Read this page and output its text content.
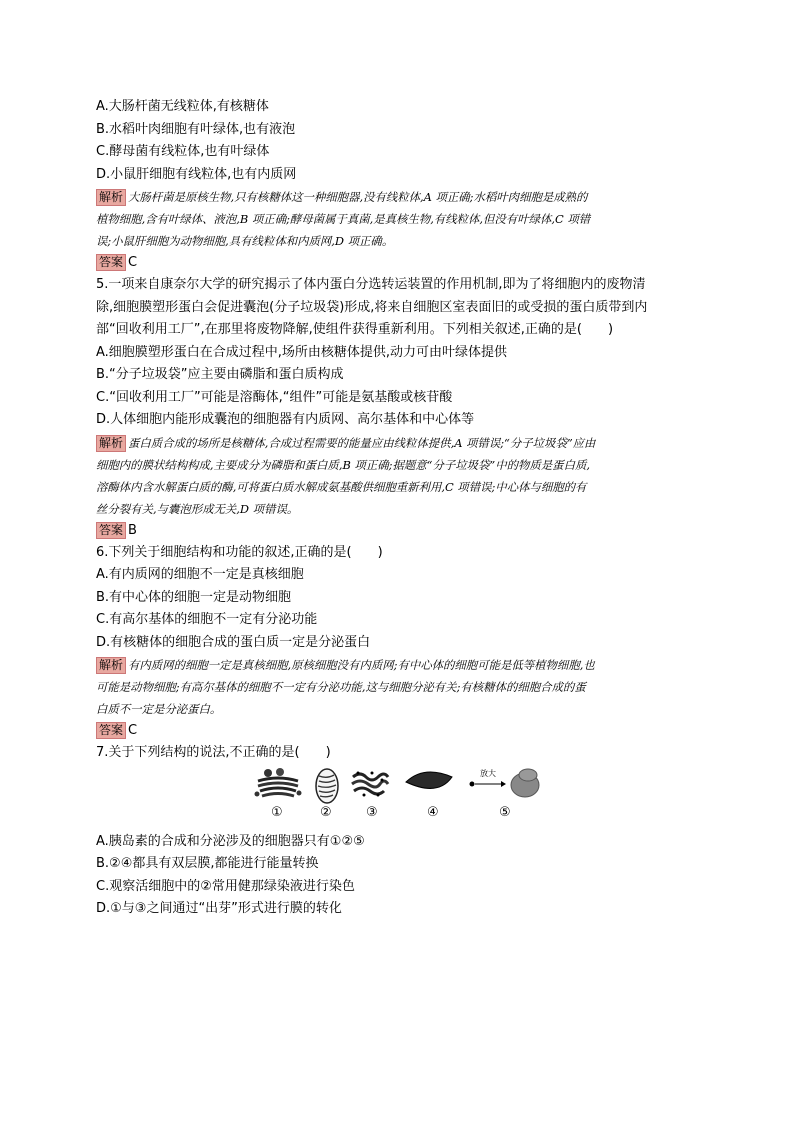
A.大肠杆菌无线粒体,有核糖体
B.水稻叶肉细胞有叶绿体,也有液泡
C.酵母菌有线粒体,也有叶绿体
D.小鼠肝细胞有线粒体,也有内质网
解析 大肠杆菌是原核生物,只有核糖体这一种细胞器,没有线粒体,A 项正确;水稻叶肉细胞是成熟的
植物细胞,含有叶绿体、液泡,B 项正确;酵母菌属于真菌,是真核生物,有线粒体,但没有叶绿体,C 项错
误;小鼠肝细胞为动物细胞,具有线粒体和内质网,D 项正确。
答案 C
5.一项来自康奈尔大学的研究揭示了体内蛋白分选转运装置的作用机制,即为了将细胞内的废物清
除,细胞膜塑形蛋白会促进囊泡(分子垃圾袋)形成,将来自细胞区室表面旧的或受损的蛋白质带到内
部“回收利用工厂”,在那里将废物降解,使组件获得重新利用。下列相关叙述,正确的是(　　)
A.细胞膜塑形蛋白在合成过程中,场所由核糖体提供,动力可由叶绿体提供
B.“分子垃圾袋”应主要由磷脂和蛋白质构成
C.“回收利用工厂”可能是溶酶体,“组件”可能是氨基酸或核苷酸
D.人体细胞内能形成囊泡的细胞器有内质网、高尔基体和中心体等
解析 蛋白质合成的场所是核糖体,合成过程需要的能量应由线粒体提供,A 项错误;“分子垃圾袋”应由
细胞内的膜状结构构成,主要成分为磷脂和蛋白质,B 项正确;据题意“分子垃圾袋”中的物质是蛋白质,
溶酶体内含水解蛋白质的酶,可将蛋白质水解成氨基酸供细胞重新利用,C 项错误;中心体与细胞的有
丝分裂有关,与囊泡形成无关,D 项错误。
答案 B
6.下列关于细胞结构和功能的叙述,正确的是(　　)
A.有内质网的细胞不一定是真核细胞
B.有中心体的细胞一定是动物细胞
C.有高尔基体的细胞不一定有分泌功能
D.有核糖体的细胞合成的蛋白质一定是分泌蛋白
解析 有内质网的细胞一定是真核细胞,原核细胞没有内质网;有中心体的细胞可能是低等植物细胞,也
可能是动物细胞;有高尔基体的细胞不一定有分泌功能,这与细胞分泌有关;有核糖体的细胞合成的蛋
白质不一定是分泌蛋白。
答案 C
7.关于下列结构的说法,不正确的是(　　)
放大
①	②	③	④	⑤
A.胰岛素的合成和分泌涉及的细胞器只有①②⑤
B.②④都具有双层膜,都能进行能量转换
C.观察活细胞中的②常用健那绿染液进行染色
D.①与③之间通过“出芽”形式进行膜的转化
